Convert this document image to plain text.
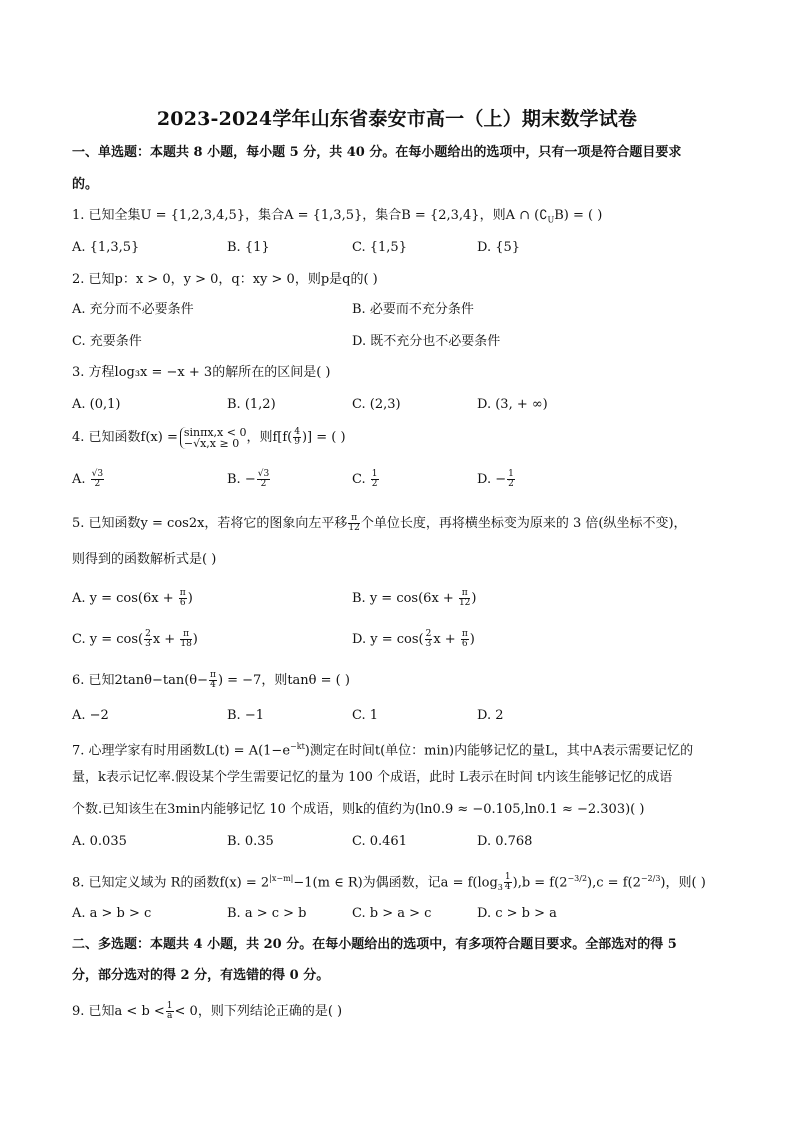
2023-2024学年山东省泰安市高一（上）期末数学试卷
一、单选题：本题共 8 小题，每小题 5 分，共 40 分。在每小题给出的选项中，只有一项是符合题目要求
的。
1. 已知全集U = {1,2,3,4,5}，集合A = {1,3,5}，集合B = {2,3,4}，则A ∩ $(∁_UB)$ = ( )
A. {1,3,5}	B. {1}	C. {1,5}	D. {5}
2. 已知p：x > 0，y > 0，q：xy > 0，则p是q的( )
A. 充分而不必要条件	B. 必要而不充分条件
C. 充要条件	D. 既不充分也不必要条件
3. 方程log₃x = −x + 3的解所在的区间是( )
A. (0,1)	B. (1,2)	C. (2,3)	D. (3, + ∞)
4. 已知函数f(x) = sinπx,x < 0
−√x,x ≥ 0 ，则$f[f( \frac{4}{9}$ )] = ( )
A. $\frac{√3}{2}$	B. − $\frac{√3}{2}$	C. $\frac{1}{2}$	D. − $\frac{1}{2}$
5. 已知函数y = cos2x，若将它的图象向左平移 $\frac{\pi}{12}$ 个单位长度，再将横坐标变为原来的 3 倍(纵坐标不变)，
则得到的函数解析式是( )
A. $y = \cos(6x + \frac{\pi}{6}$ )	B. $y = \cos(6x + \frac{\pi}{12}$ )
C. $y = \cos( \frac{2}{3}$ $x + \frac{\pi}{18}$ )	D. $y = \cos( \frac{2}{3}$ $x + \frac{\pi}{6}$ )
6. 已知$2\tan\theta-\tan(\theta- \frac{\pi}{4}$ ) = −7，则tanθ = ( )
A. −2	B. −1	C. 1	D. 2
7. 心理学家有时用函数$L(t) = A(1-e^{-kt})$测定在时间t(单位：min)内能够记忆的量L，其中A表示需要记忆的
量，k表示记忆率.假设某个学生需要记忆的量为 100 个成语，此时 L表示在时间 t内该生能够记忆的成语
个数.已知该生在3min内能够记忆 10 个成语，则k的值约为(ln0.9 ≈ −0.105,ln0.1 ≈ −2.303)( )
A. 0.035	B. 0.35	C. 0.461	D. 0.768
8. 已知定义域为 R的函数$f(x) = 2^{|x-m|}-1(m$ ∈ R)为偶函数，记$a = f(\log_3 \frac{1}{4} ),b = f(2^{-3/2}),c = f(2^{-2/3})$，则( )
A. a > b > c	B. a > c > b	C. b > a > c	D. c > b > a
二、多选题：本题共 4 小题，共 20 分。在每小题给出的选项中，有多项符合题目要求。全部选对的得 5
分，部分选对的得 2 分，有选错的得 0 分。
9. 已知$a < b < \frac{1}{a} < 0$，则下列结论正确的是( )
